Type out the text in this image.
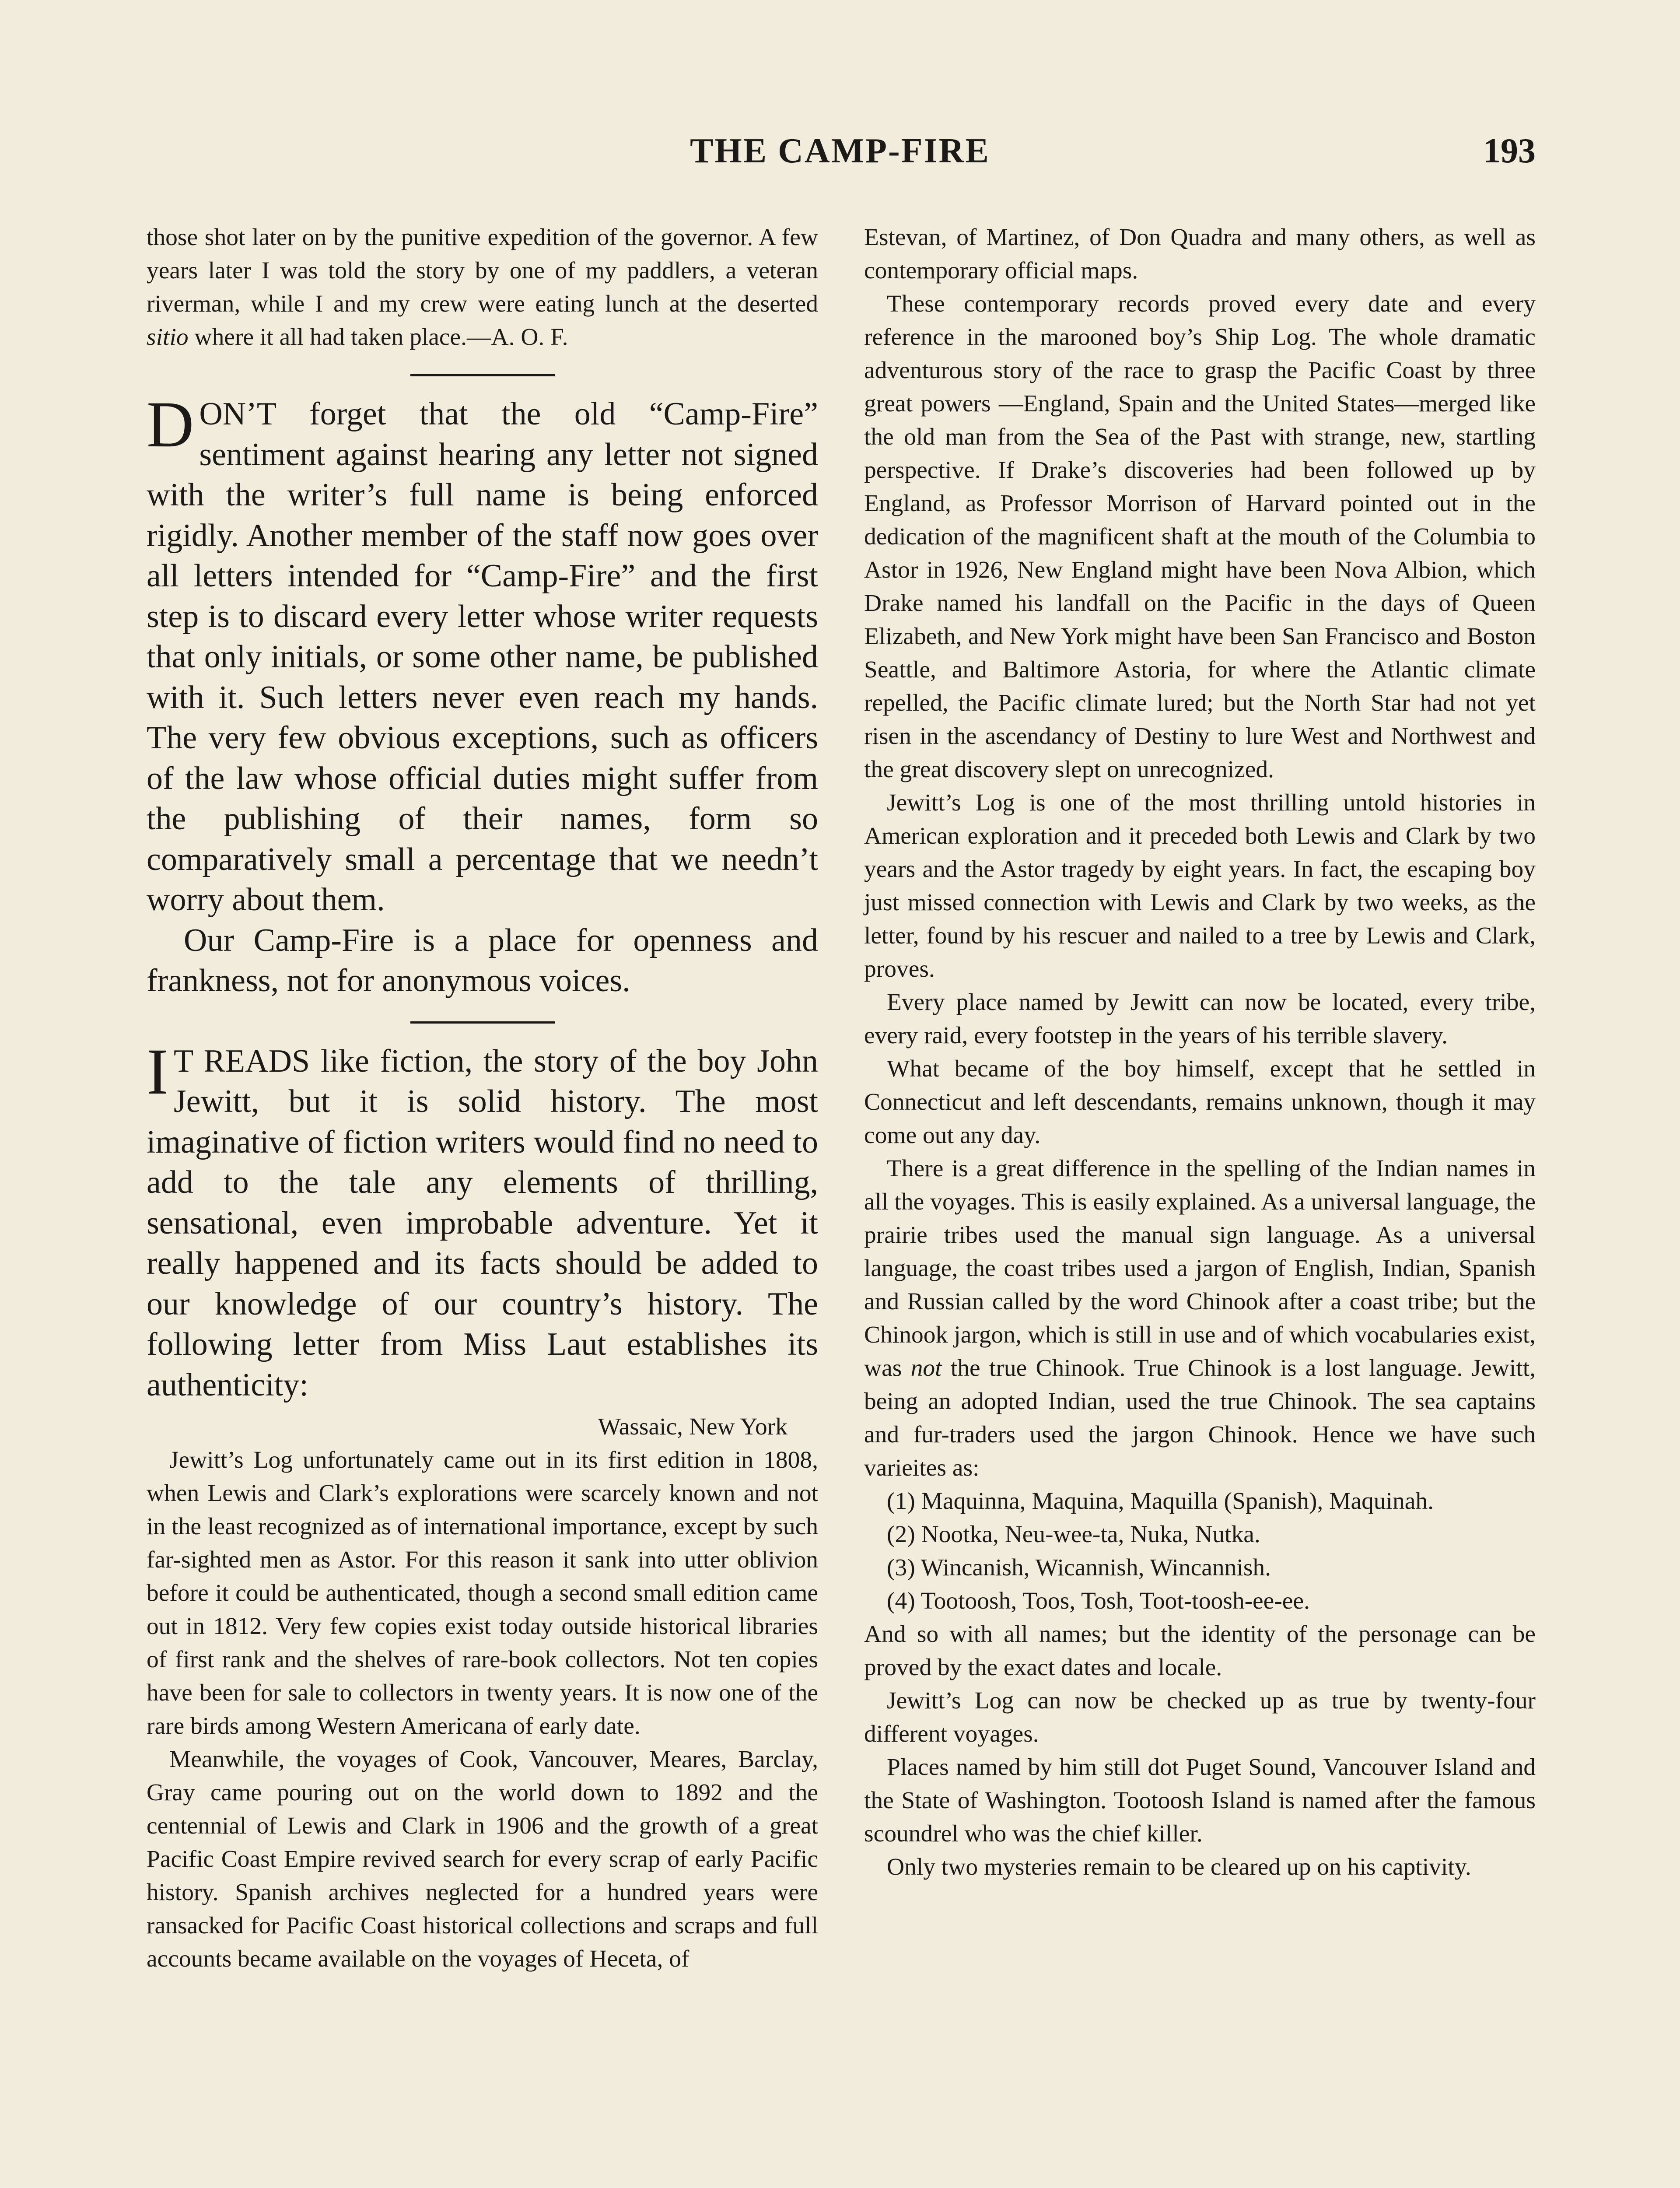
THE CAMP-FIRE	193

those shot later on by the punitive expedition of the governor. A few years later I was told the story by one of my paddlers, a veteran riverman, while I and my crew were eating lunch at the deserted sitio where it all had taken place.—A. O. F.

DON’T forget that the old “Camp-Fire” sentiment against hearing any letter not signed with the writer’s full name is being enforced rigidly. Another member of the staff now goes over all letters intended for “Camp-Fire” and the first step is to discard every letter whose writer requests that only initials, or some other name, be published with it. Such letters never even reach my hands. The very few obvious exceptions, such as officers of the law whose official duties might suffer from the publishing of their names, form so comparatively small a percentage that we needn’t worry about them.

Our Camp-Fire is a place for openness and frankness, not for anonymous voices.

I T READS like fiction, the story of the boy John Jewitt, but it is solid history. The most imaginative of fiction writers would find no need to add to the tale any elements of thrilling, sensational, even improbable adventure. Yet it really happened and its facts should be added to our knowledge of our country’s history. The following letter from Miss Laut establishes its authenticity:

Wassaic, New York

Jewitt’s Log unfortunately came out in its first edition in 1808, when Lewis and Clark’s explorations were scarcely known and not in the least recognized as of international importance, except by such far-sighted men as Astor. For this reason it sank into utter oblivion before it could be authenticated, though a second small edition came out in 1812. Very few copies exist today outside historical libraries of first rank and the shelves of rare-book collectors. Not ten copies have been for sale to collectors in twenty years. It is now one of the rare birds among Western Americana of early date.

Meanwhile, the voyages of Cook, Vancouver, Meares, Barclay, Gray came pouring out on the world down to 1892 and the centennial of Lewis and Clark in 1906 and the growth of a great Pacific Coast Empire revived search for every scrap of early Pacific history. Spanish archives neglected for a hundred years were ransacked for Pacific Coast historical collections and scraps and full accounts became available on the voyages of Heceta, of

Estevan, of Martinez, of Don Quadra and many others, as well as contemporary official maps.

These contemporary records proved every date and every reference in the marooned boy’s Ship Log. The whole dramatic adventurous story of the race to grasp the Pacific Coast by three great powers —England, Spain and the United States—merged like the old man from the Sea of the Past with strange, new, startling perspective. If Drake’s discoveries had been followed up by England, as Professor Morrison of Harvard pointed out in the dedication of the magnificent shaft at the mouth of the Columbia to Astor in 1926, New England might have been Nova Albion, which Drake named his landfall on the Pacific in the days of Queen Elizabeth, and New York might have been San Francisco and Boston Seattle, and Baltimore Astoria, for where the Atlantic climate repelled, the Pacific climate lured; but the North Star had not yet risen in the ascendancy of Destiny to lure West and Northwest and the great discovery slept on unrecognized.

Jewitt’s Log is one of the most thrilling untold histories in American exploration and it preceded both Lewis and Clark by two years and the Astor tragedy by eight years. In fact, the escaping boy just missed connection with Lewis and Clark by two weeks, as the letter, found by his rescuer and nailed to a tree by Lewis and Clark, proves.

Every place named by Jewitt can now be located, every tribe, every raid, every footstep in the years of his terrible slavery.

What became of the boy himself, except that he settled in Connecticut and left descendants, remains unknown, though it may come out any day.

There is a great difference in the spelling of the Indian names in all the voyages. This is easily explained. As a universal language, the prairie tribes used the manual sign language. As a universal language, the coast tribes used a jargon of English, Indian, Spanish and Russian called by the word Chinook after a coast tribe; but the Chinook jargon, which is still in use and of which vocabularies exist, was not the true Chinook. True Chinook is a lost language. Jewitt, being an adopted Indian, used the true Chinook. The sea captains and fur-traders used the jargon Chinook. Hence we have such varieites as:

(1) Maquinna, Maquina, Maquilla (Spanish), Maquinah.

(2) Nootka, Neu-wee-ta, Nuka, Nutka.

(3) Wincanish, Wicannish, Wincannish.

(4) Tootoosh, Toos, Tosh, Toot-toosh-ee-ee.

And so with all names; but the identity of the personage can be proved by the exact dates and locale.

Jewitt’s Log can now be checked up as true by twenty-four different voyages.

Places named by him still dot Puget Sound, Vancouver Island and the State of Washington. Tootoosh Island is named after the famous scoundrel who was the chief killer.

Only two mysteries remain to be cleared up on his captivity.
